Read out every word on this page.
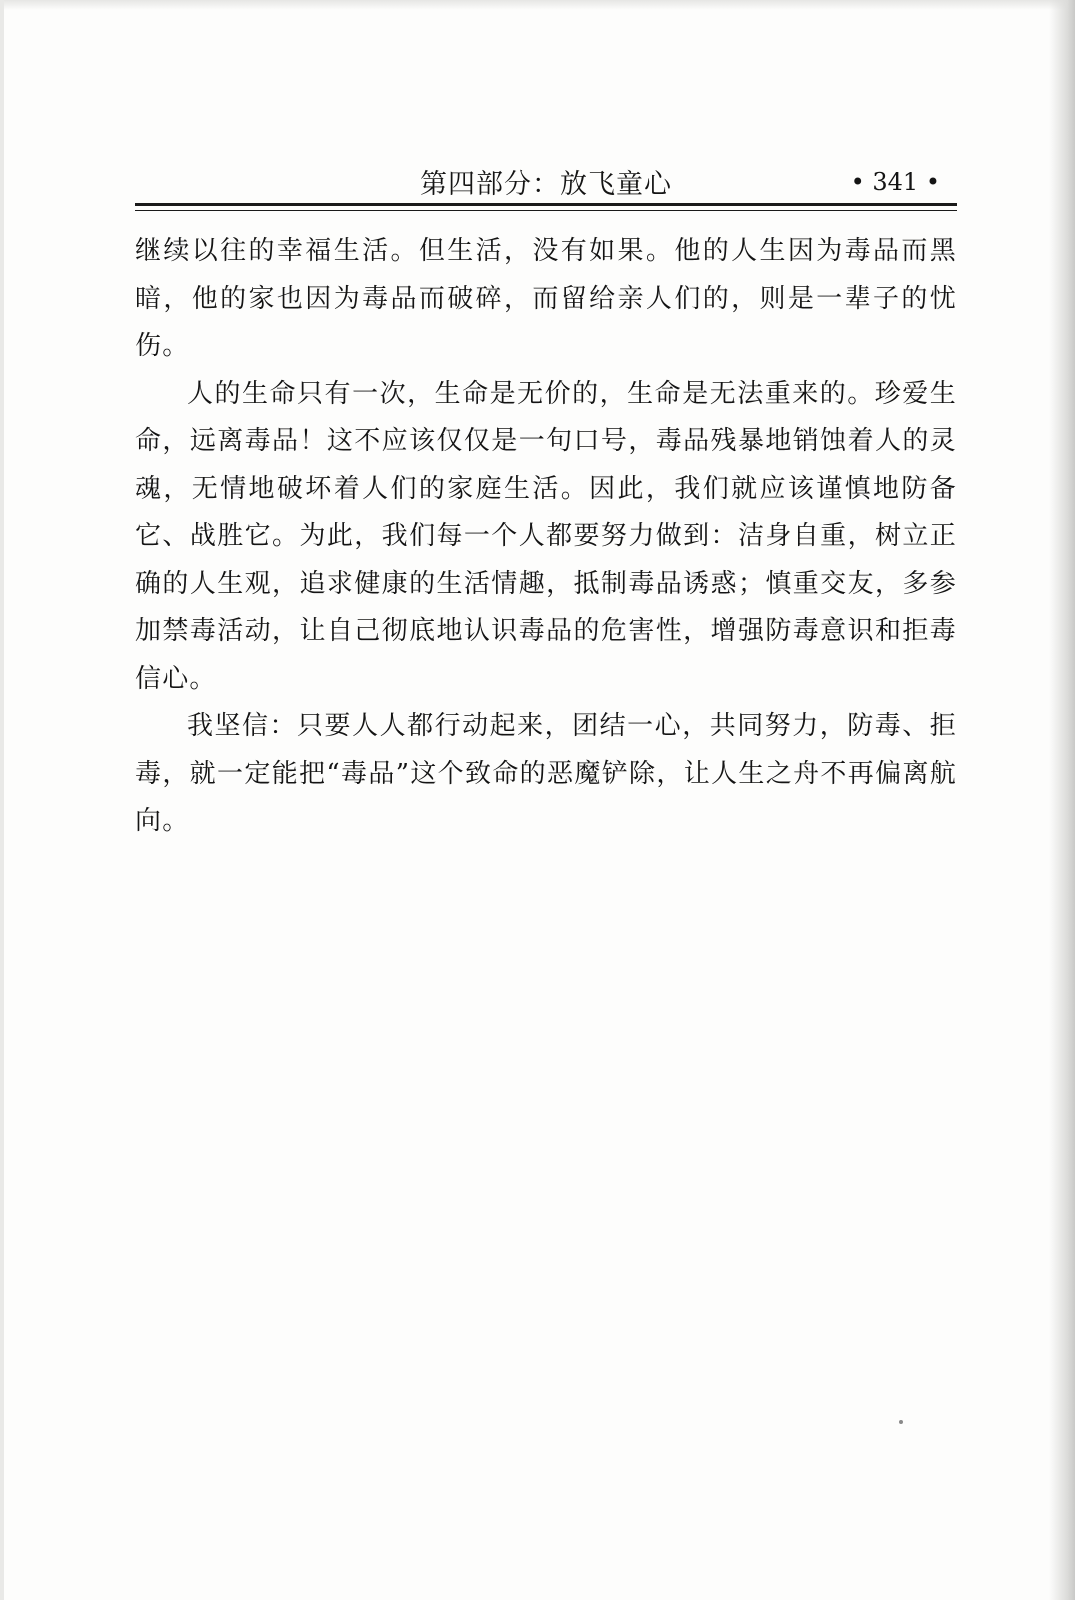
第四部分：放飞童心	• 341 •

继续以往的幸福生活。但生活，没有如果。他的人生因为毒品而黑暗，他的家也因为毒品而破碎，而留给亲人们的，则是一辈子的忧伤。

人的生命只有一次，生命是无价的，生命是无法重来的。珍爱生命，远离毒品！这不应该仅仅是一句口号，毒品残暴地销蚀着人的灵魂，无情地破坏着人们的家庭生活。因此，我们就应该谨慎地防备它、战胜它。为此，我们每一个人都要努力做到：洁身自重，树立正确的人生观，追求健康的生活情趣，抵制毒品诱惑；慎重交友，多参加禁毒活动，让自己彻底地认识毒品的危害性，增强防毒意识和拒毒信心。

我坚信：只要人人都行动起来，团结一心，共同努力，防毒、拒毒，就一定能把“毒品”这个致命的恶魔铲除，让人生之舟不再偏离航向。
